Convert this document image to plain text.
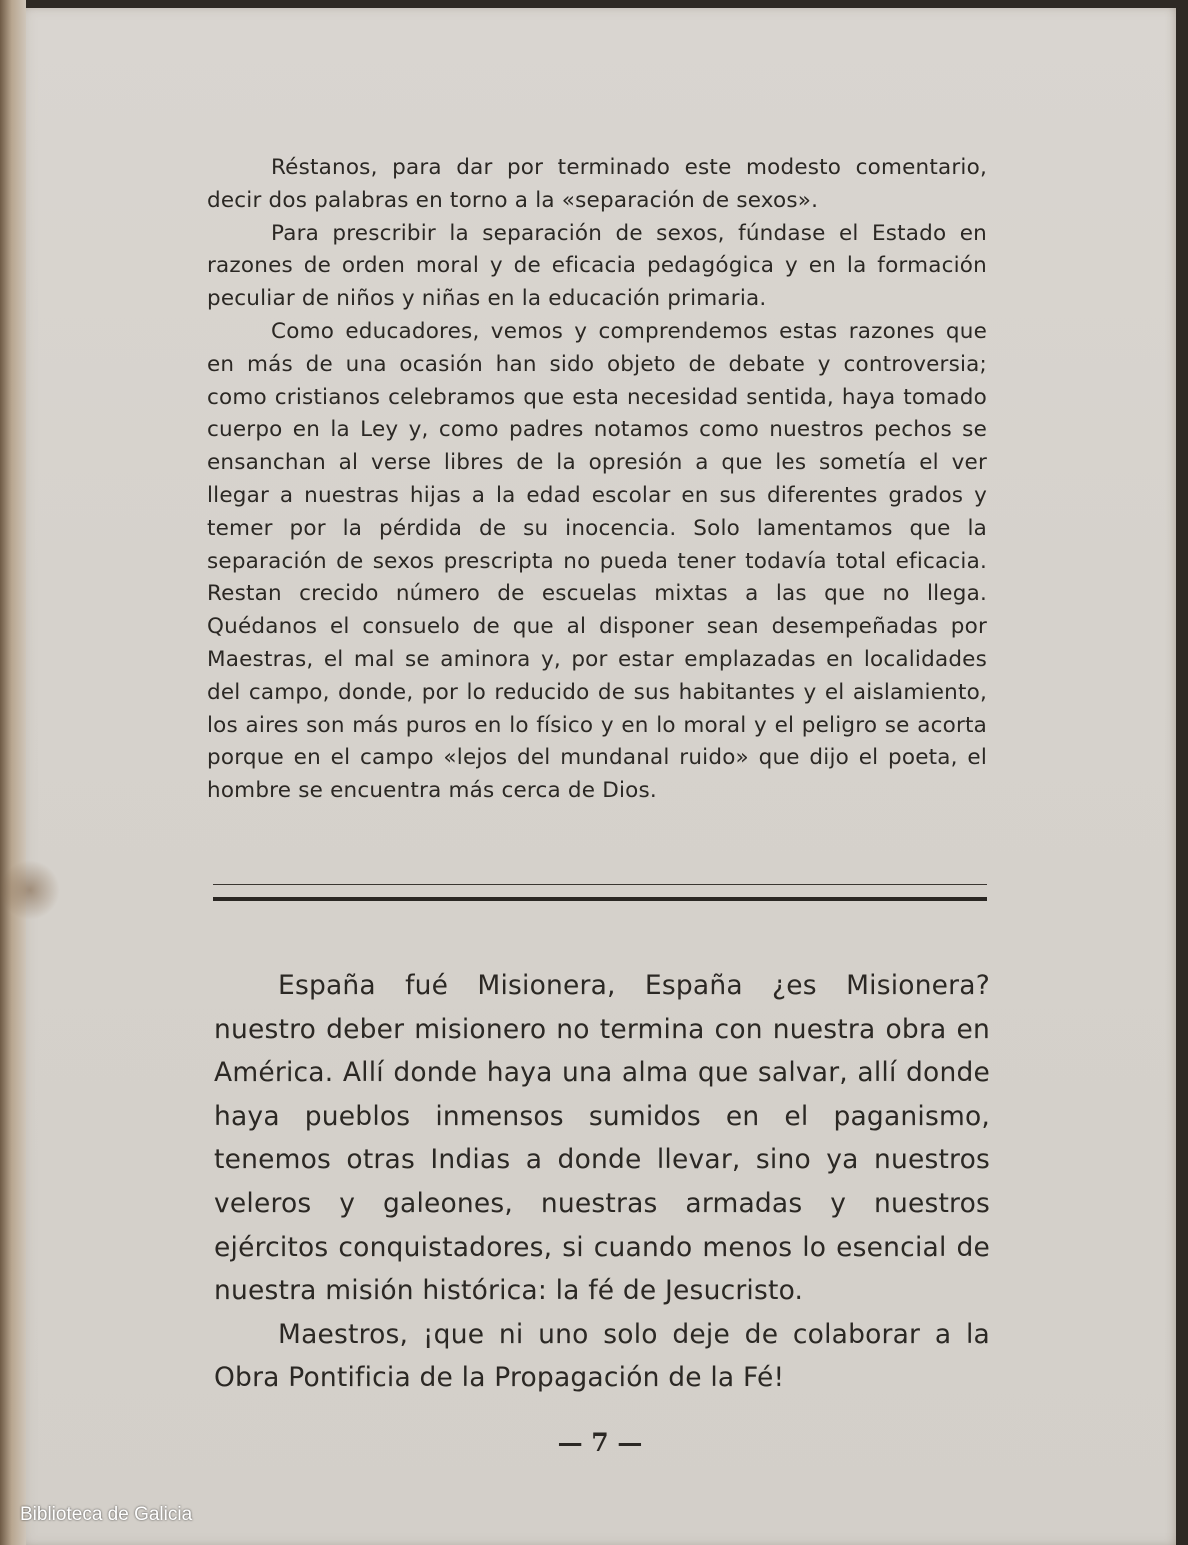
Réstanos, para dar por terminado este modesto comentario, decir dos palabras en torno a la «separación de sexos».

Para prescribir la separación de sexos, fúndase el Estado en razones de orden moral y de eficacia pedagógica y en la formación peculiar de niños y niñas en la educación primaria.

Como educadores, vemos y comprendemos estas razones que en más de una ocasión han sido objeto de debate y controversia; como cristianos celebramos que esta necesidad sentida, haya tomado cuerpo en la Ley y, como padres notamos como nuestros pechos se ensanchan al verse libres de la opresión a que les sometía el ver llegar a nuestras hijas a la edad escolar en sus diferentes grados y temer por la pérdida de su inocencia. Solo lamentamos que la separación de sexos prescripta no pueda tener todavía total eficacia. Restan crecido número de escuelas mixtas a las que no llega. Quédanos el consuelo de que al disponer sean desempeñadas por Maestras, el mal se aminora y, por estar emplazadas en localidades del campo, donde, por lo reducido de sus habitantes y el aislamiento, los aires son más puros en lo físico y en lo moral y el peligro se acorta porque en el campo «lejos del mundanal ruido» que dijo el poeta, el hombre se encuentra más cerca de Dios.

España fué Misionera, España ¿es Misionera? nuestro deber misionero no termina con nuestra obra en América. Allí donde haya una alma que salvar, allí donde haya pueblos inmensos sumidos en el paganismo, tenemos otras Indias a donde llevar, sino ya nuestros veleros y galeones, nuestras armadas y nuestros ejércitos conquistadores, si cuando menos lo esencial de nuestra misión histórica: la fé de Jesucristo.

Maestros, ¡que ni uno solo deje de colaborar a la Obra Pontificia de la Propagación de la Fé!

— 7 —
Biblioteca de Galicia
